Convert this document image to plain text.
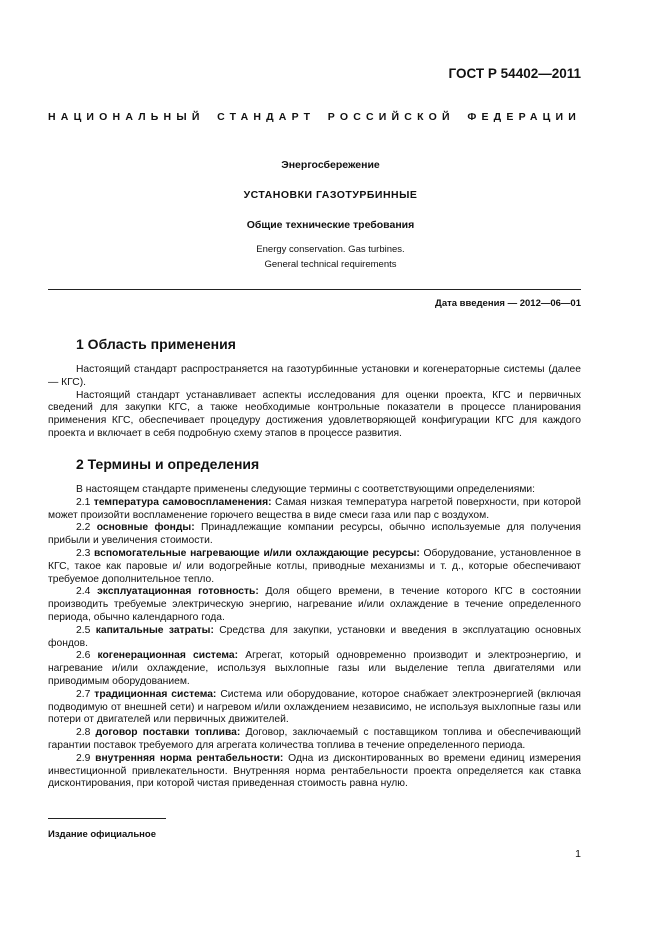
ГОСТ Р 54402—2011
НАЦИОНАЛЬНЫЙ СТАНДАРТ РОССИЙСКОЙ ФЕДЕРАЦИИ
Энергосбережение
УСТАНОВКИ ГАЗОТУРБИННЫЕ
Общие технические требования
Energy conservation. Gas turbines.
General technical requirements
Дата введения — 2012—06—01
1 Область применения

Настоящий стандарт распространяется на газотурбинные установки и когенераторные системы (далее — КГС).

Настоящий стандарт устанавливает аспекты исследования для оценки проекта, КГС и первичных сведений для закупки КГС, а также необходимые контрольные показатели в процессе планирования применения КГС, обеспечивает процедуру достижения удовлетворяющей конфигурации КГС для каждого проекта и включает в себя подробную схему этапов в процессе развития.

2 Термины и определения

В настоящем стандарте применены следующие термины с соответствующими определениями:

2.1 температура самовоспламенения: Самая низкая температура нагретой поверхности, при которой может произойти воспламенение горючего вещества в виде смеси газа или пар с воздухом.

2.2 основные фонды: Принадлежащие компании ресурсы, обычно используемые для получения прибыли и увеличения стоимости.

2.3 вспомогательные нагревающие и/или охлаждающие ресурсы: Оборудование, установленное в КГС, такое как паровые и/ или водогрейные котлы, приводные механизмы и т. д., которые обеспечивают требуемое дополнительное тепло.

2.4 эксплуатационная готовность: Доля общего времени, в течение которого КГС в состоянии производить требуемые электрическую энергию, нагревание и/или охлаждение в течение определенного периода, обычно календарного года.

2.5 капитальные затраты: Средства для закупки, установки и введения в эксплуатацию основных фондов.

2.6 когенерационная система: Агрегат, который одновременно производит и электроэнергию, и нагревание и/или охлаждение, используя выхлопные газы или выделение тепла двигателями или приводимым оборудованием.

2.7 традиционная система: Система или оборудование, которое снабжает электроэнергией (включая подводимую от внешней сети) и нагревом и/или охлаждением независимо, не используя выхлопные газы или потери от двигателей или первичных движителей.

2.8 договор поставки топлива: Договор, заключаемый с поставщиком топлива и обеспечивающий гарантии поставок требуемого для агрегата количества топлива в течение определенного периода.

2.9 внутренняя норма рентабельности: Одна из дисконтированных во времени единиц измерения инвестиционной привлекательности. Внутренняя норма рентабельности проекта определяется как ставка дисконтирования, при которой чистая приведенная стоимость равна нулю.

Издание официальное
1
